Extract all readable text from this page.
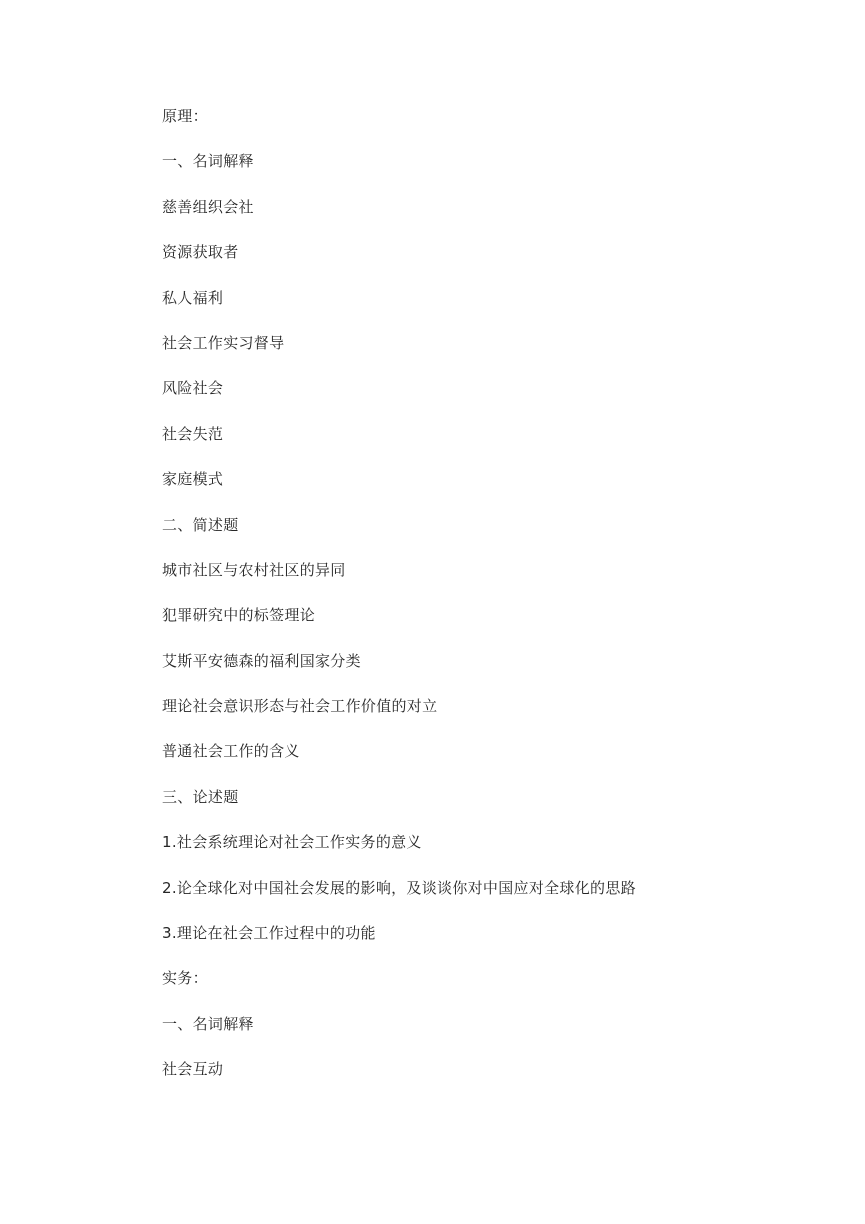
原理：
一、名词解释
慈善组织会社
资源获取者
私人福利
社会工作实习督导
风险社会
社会失范
家庭模式
二、简述题
城市社区与农村社区的异同
犯罪研究中的标签理论
艾斯平安德森的福利国家分类
理论社会意识形态与社会工作价值的对立
普通社会工作的含义
三、论述题
1.社会系统理论对社会工作实务的意义
2.论全球化对中国社会发展的影响，及谈谈你对中国应对全球化的思路
3.理论在社会工作过程中的功能
实务：
一、名词解释
社会互动
